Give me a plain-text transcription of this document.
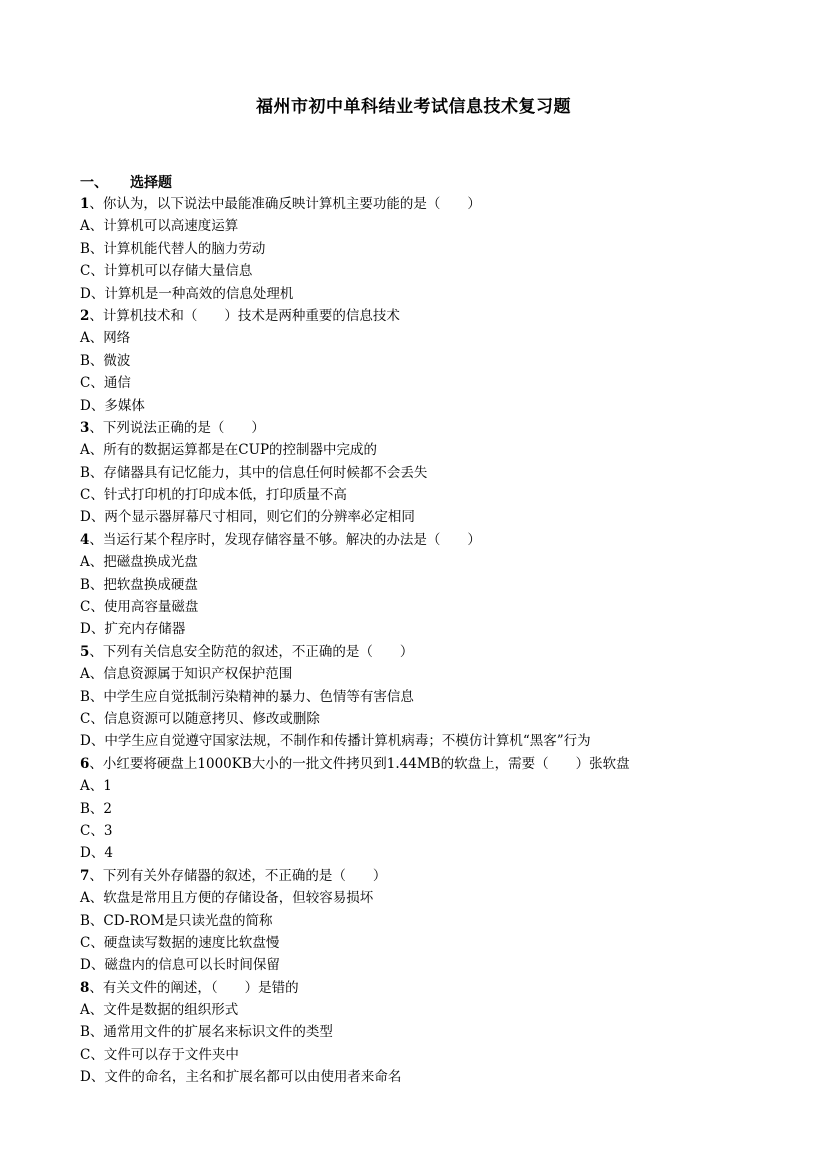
福州市初中单科结业考试信息技术复习题
一、 选择题
1、你认为，以下说法中最能准确反映计算机主要功能的是（　　）
A、计算机可以高速度运算
B、计算机能代替人的脑力劳动
C、计算机可以存储大量信息
D、计算机是一种高效的信息处理机
2、计算机技术和（　　）技术是两种重要的信息技术
A、网络
B、微波
C、通信
D、多媒体
3、下列说法正确的是（　　）
A、所有的数据运算都是在CUP的控制器中完成的
B、存储器具有记忆能力，其中的信息任何时候都不会丢失
C、针式打印机的打印成本低，打印质量不高
D、两个显示器屏幕尺寸相同，则它们的分辨率必定相同
4、当运行某个程序时，发现存储容量不够。解决的办法是（　　）
A、把磁盘换成光盘
B、把软盘换成硬盘
C、使用高容量磁盘
D、扩充内存储器
5、下列有关信息安全防范的叙述，不正确的是（　　）
A、信息资源属于知识产权保护范围
B、中学生应自觉抵制污染精神的暴力、色情等有害信息
C、信息资源可以随意拷贝、修改或删除
D、中学生应自觉遵守国家法规，不制作和传播计算机病毒；不模仿计算机“黑客”行为
6、小红要将硬盘上1000KB大小的一批文件拷贝到1.44MB的软盘上，需要（　　）张软盘
A、1
B、2
C、3
D、4
7、下列有关外存储器的叙述，不正确的是（　　）
A、软盘是常用且方便的存储设备，但较容易损坏
B、CD-ROM是只读光盘的简称
C、硬盘读写数据的速度比软盘慢
D、磁盘内的信息可以长时间保留
8、有关文件的阐述，（　　）是错的
A、文件是数据的组织形式
B、通常用文件的扩展名来标识文件的类型
C、文件可以存于文件夹中
D、文件的命名，主名和扩展名都可以由使用者来命名
